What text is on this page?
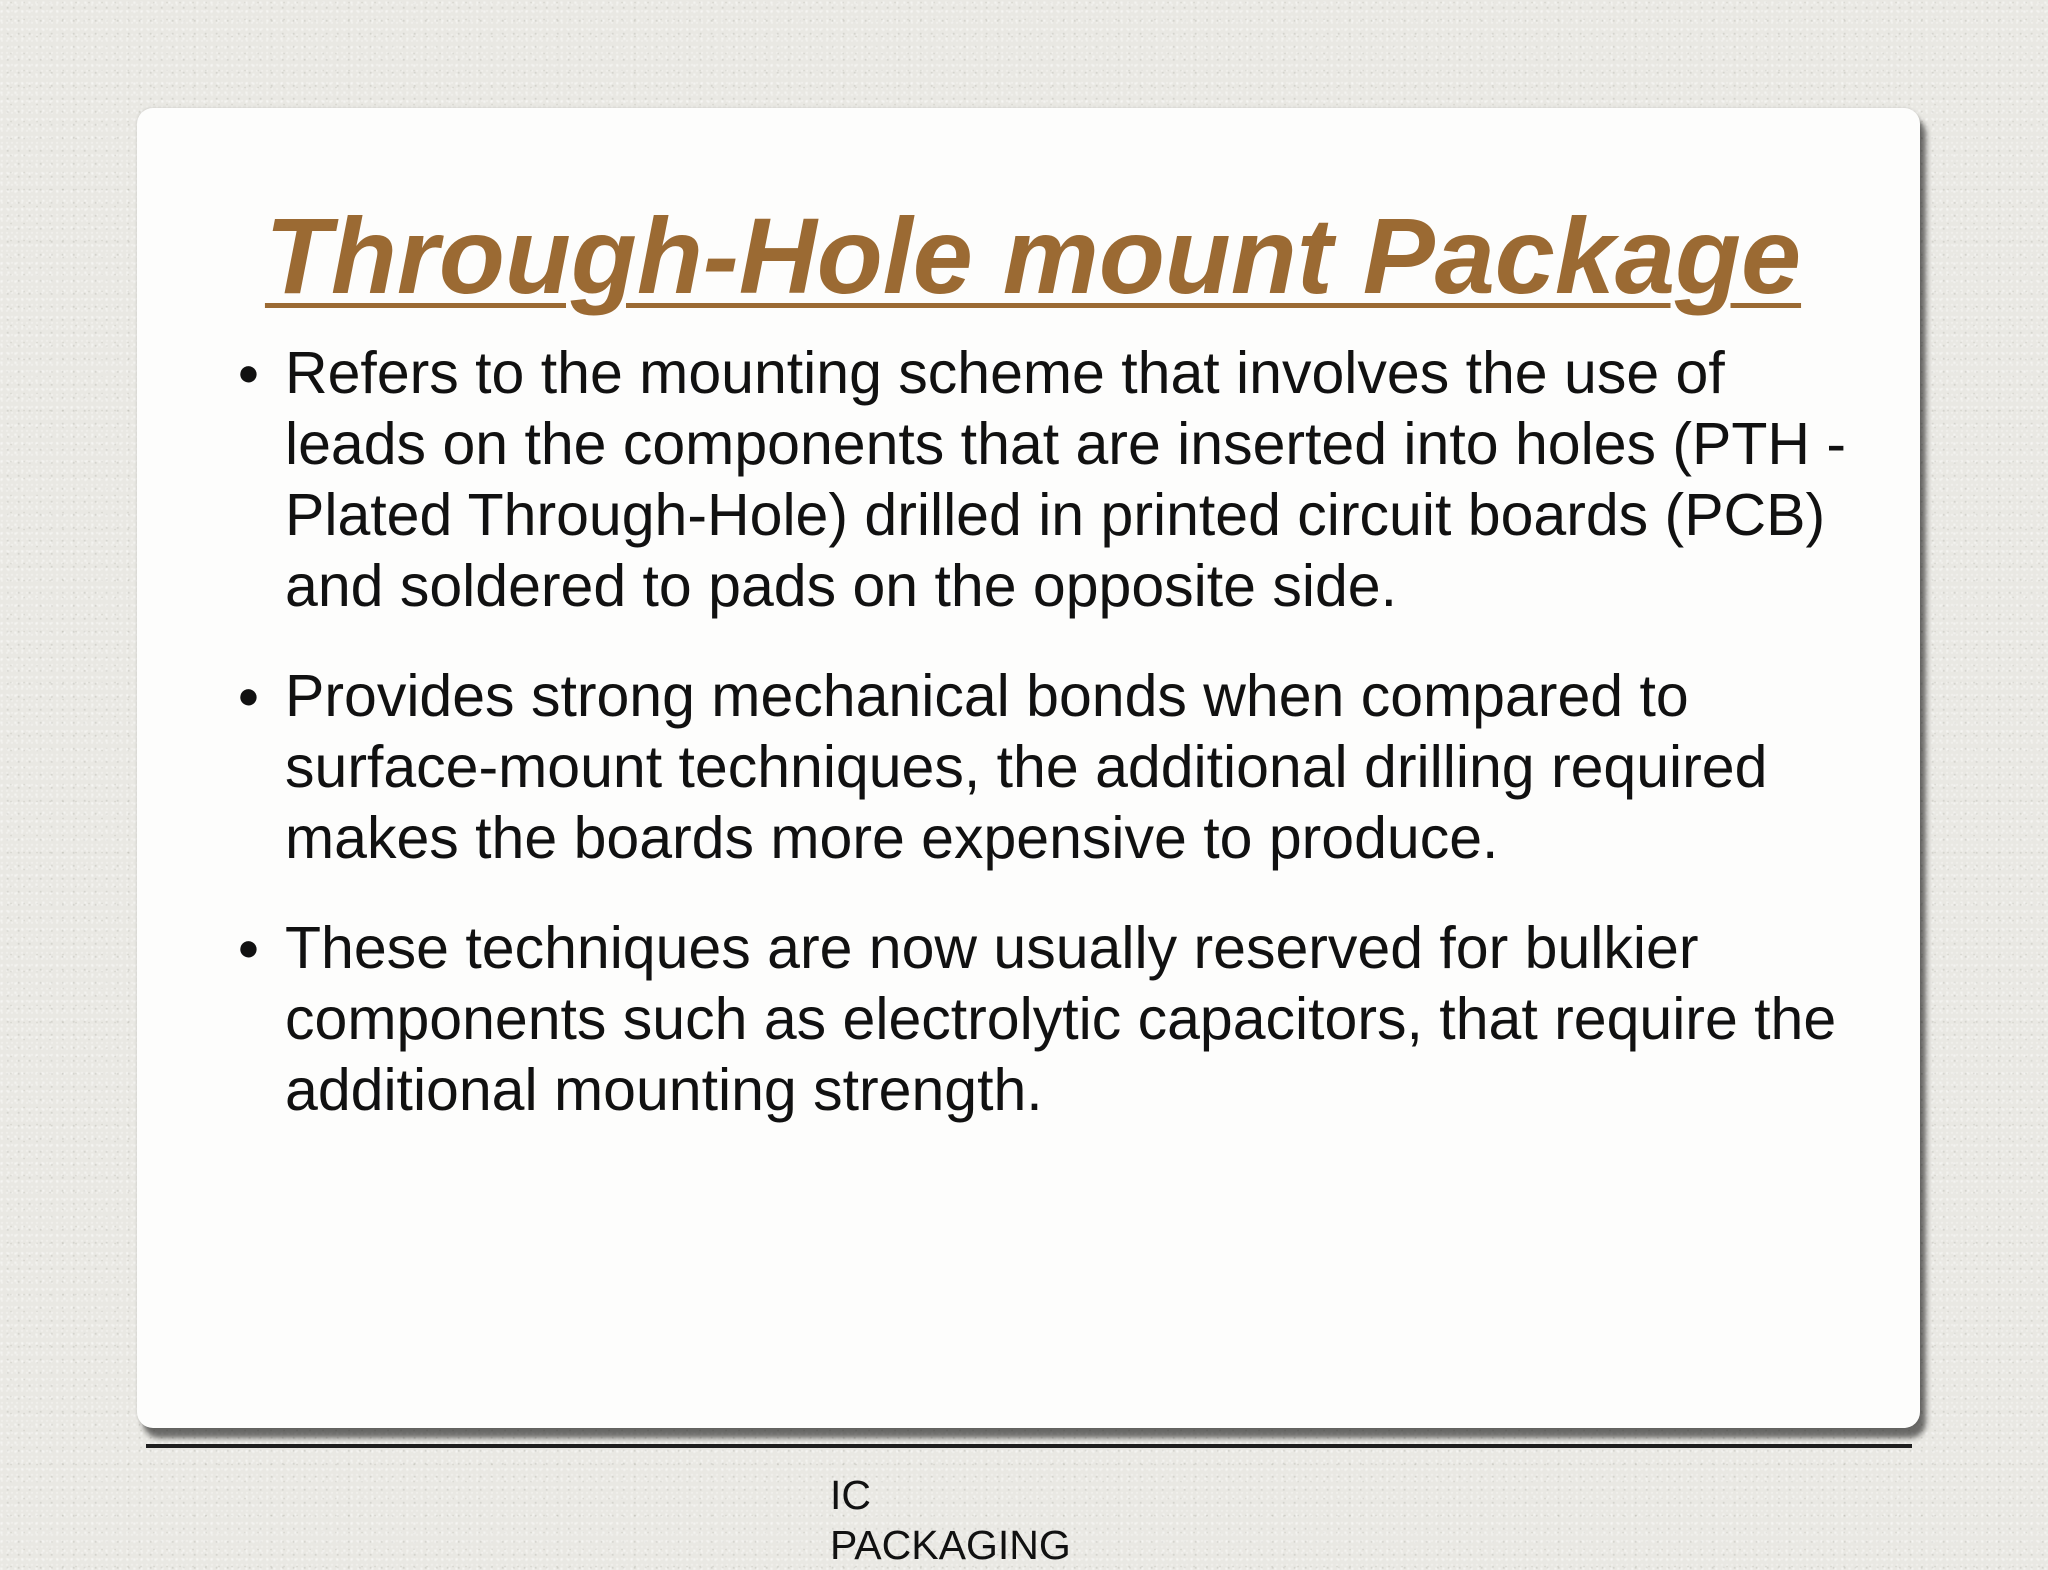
Through-Hole mount Package
● Refers to the mounting scheme that involves the use of leads on the components that are inserted into holes (PTH - Plated Through-Hole) drilled in printed circuit boards (PCB) and soldered to pads on the opposite side.
● Provides strong mechanical bonds when compared to surface-mount techniques, the additional drilling required makes the boards more expensive to produce.
● These techniques are now usually reserved for bulkier components such as electrolytic capacitors, that require the additional mounting strength.
IC PACKAGING
